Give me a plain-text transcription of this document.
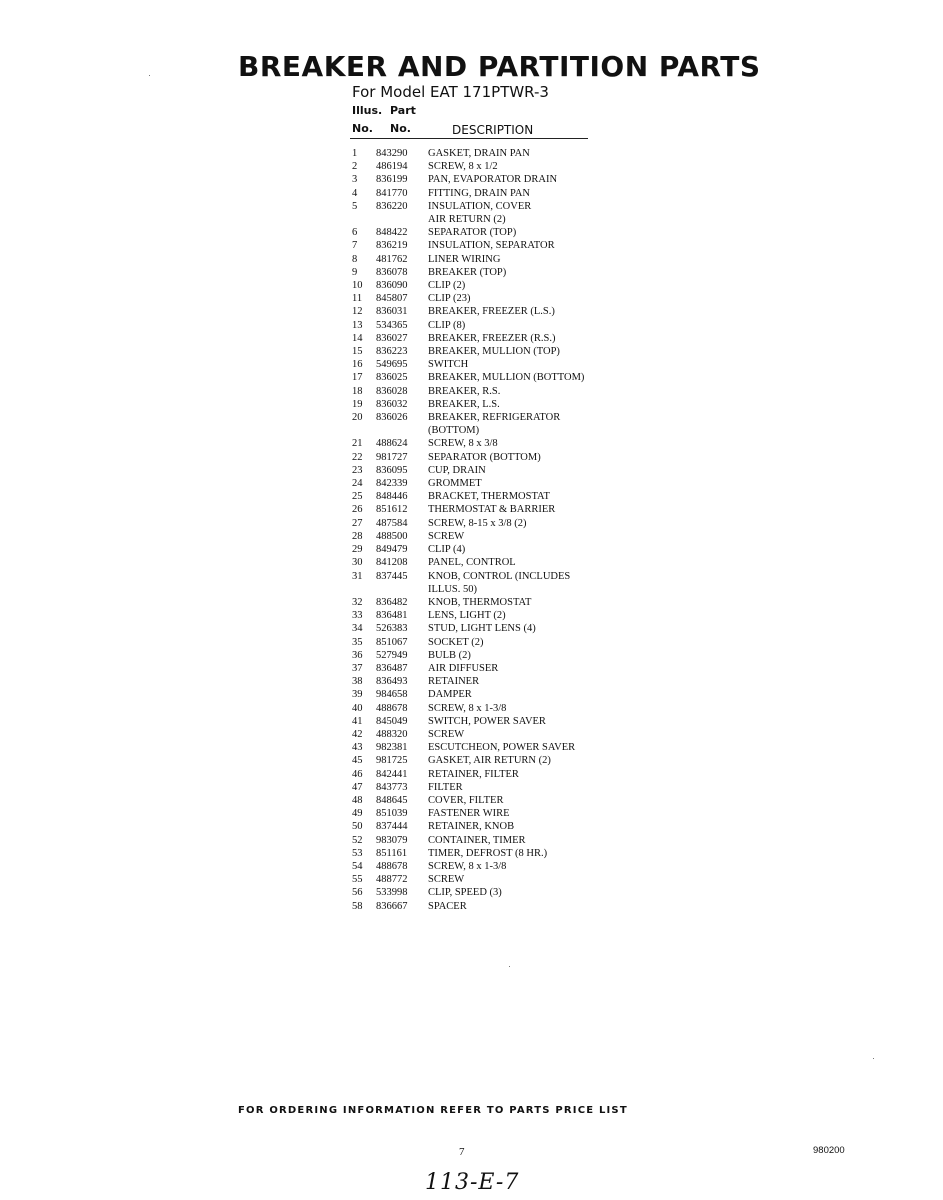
BREAKER AND PARTITION PARTS
For Model EAT 171PTWR-3
Illus. Part
No. No.	DESCRIPTION
1	843290	GASKET, DRAIN PAN
2	486194	SCREW, 8 x 1/2
3	836199	PAN, EVAPORATOR DRAIN
4	841770	FITTING, DRAIN PAN
5	836220	INSULATION, COVER
AIR RETURN (2)
6	848422	SEPARATOR (TOP)
7	836219	INSULATION, SEPARATOR
8	481762	LINER WIRING
9	836078	BREAKER (TOP)
10	836090	CLIP (2)
11	845807	CLIP (23)
12	836031	BREAKER, FREEZER (L.S.)
13	534365	CLIP (8)
14	836027	BREAKER, FREEZER (R.S.)
15	836223	BREAKER, MULLION (TOP)
16	549695	SWITCH
17	836025	BREAKER, MULLION (BOTTOM)
18	836028	BREAKER, R.S.
19	836032	BREAKER, L.S.
20	836026	BREAKER, REFRIGERATOR
(BOTTOM)
21	488624	SCREW, 8 x 3/8
22	981727	SEPARATOR (BOTTOM)
23	836095	CUP, DRAIN
24	842339	GROMMET
25	848446	BRACKET, THERMOSTAT
26	851612	THERMOSTAT & BARRIER
27	487584	SCREW, 8-15 x 3/8 (2)
28	488500	SCREW
29	849479	CLIP (4)
30	841208	PANEL, CONTROL
31	837445	KNOB, CONTROL (INCLUDES
ILLUS. 50)
32	836482	KNOB, THERMOSTAT
33	836481	LENS, LIGHT (2)
34	526383	STUD, LIGHT LENS (4)
35	851067	SOCKET (2)
36	527949	BULB (2)
37	836487	AIR DIFFUSER
38	836493	RETAINER
39	984658	DAMPER
40	488678	SCREW, 8 x 1-3/8
41	845049	SWITCH, POWER SAVER
42	488320	SCREW
43	982381	ESCUTCHEON, POWER SAVER
45	981725	GASKET, AIR RETURN (2)
46	842441	RETAINER, FILTER
47	843773	FILTER
48	848645	COVER, FILTER
49	851039	FASTENER WIRE
50	837444	RETAINER, KNOB
52	983079	CONTAINER, TIMER
53	851161	TIMER, DEFROST (8 HR.)
54	488678	SCREW, 8 x 1-3/8
55	488772	SCREW
56	533998	CLIP, SPEED (3)
58	836667	SPACER
FOR ORDERING INFORMATION REFER TO PARTS PRICE LIST
7	980200
113-E-7
